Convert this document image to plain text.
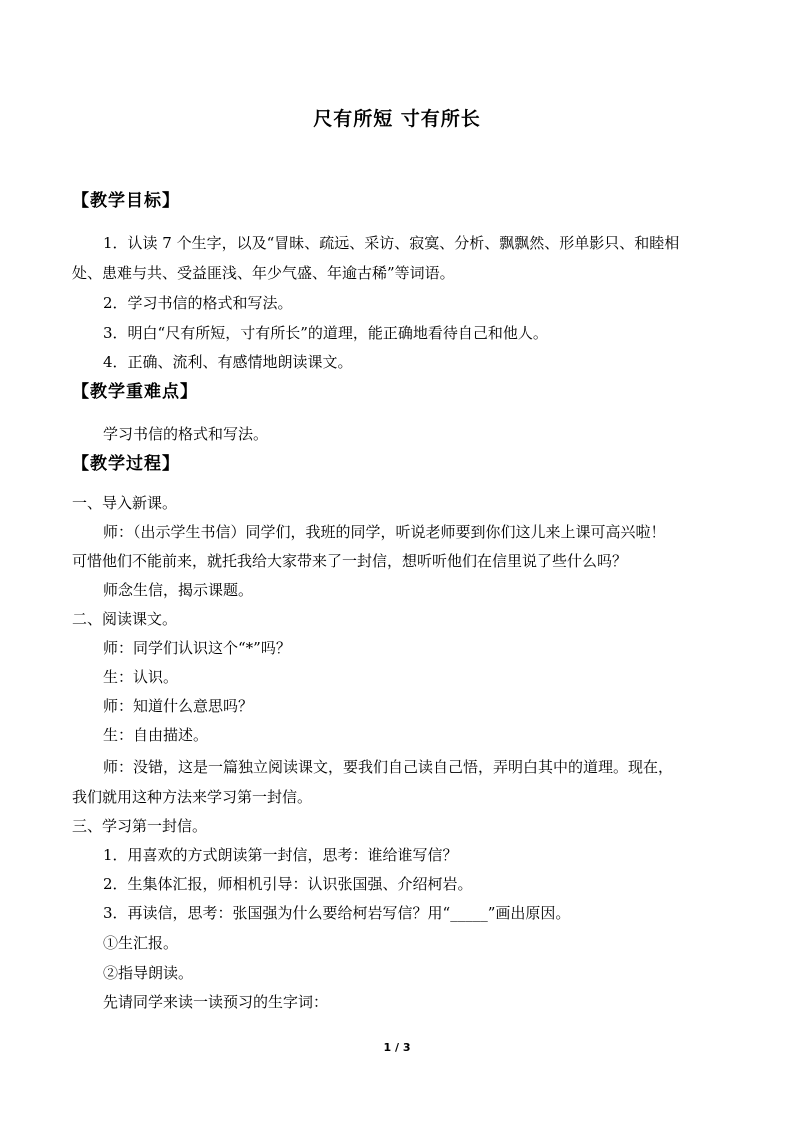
尺有所短 寸有所长
【教学目标】
1．认读 7 个生字，以及“冒昧、疏远、采访、寂寞、分析、飘飘然、形单影只、和睦相
处、患难与共、受益匪浅、年少气盛、年逾古稀”等词语。
2．学习书信的格式和写法。
3．明白“尺有所短，寸有所长”的道理，能正确地看待自己和他人。
4．正确、流利、有感情地朗读课文。
【教学重难点】
学习书信的格式和写法。
【教学过程】
一、导入新课。
师：（出示学生书信）同学们，我班的同学，听说老师要到你们这儿来上课可高兴啦！
可惜他们不能前来，就托我给大家带来了一封信，想听听他们在信里说了些什么吗？
师念生信，揭示课题。
二、阅读课文。
师：同学们认识这个“*”吗？
生：认识。
师：知道什么意思吗？
生：自由描述。
师：没错，这是一篇独立阅读课文，要我们自己读自己悟，弄明白其中的道理。现在，
我们就用这种方法来学习第一封信。
三、学习第一封信。
1．用喜欢的方式朗读第一封信，思考：谁给谁写信？
2．生集体汇报，师相机引导：认识张国强、介绍柯岩。
3．再读信，思考：张国强为什么要给柯岩写信？用“_____”画出原因。
①生汇报。
②指导朗读。
先请同学来读一读预习的生字词：
1 / 3
